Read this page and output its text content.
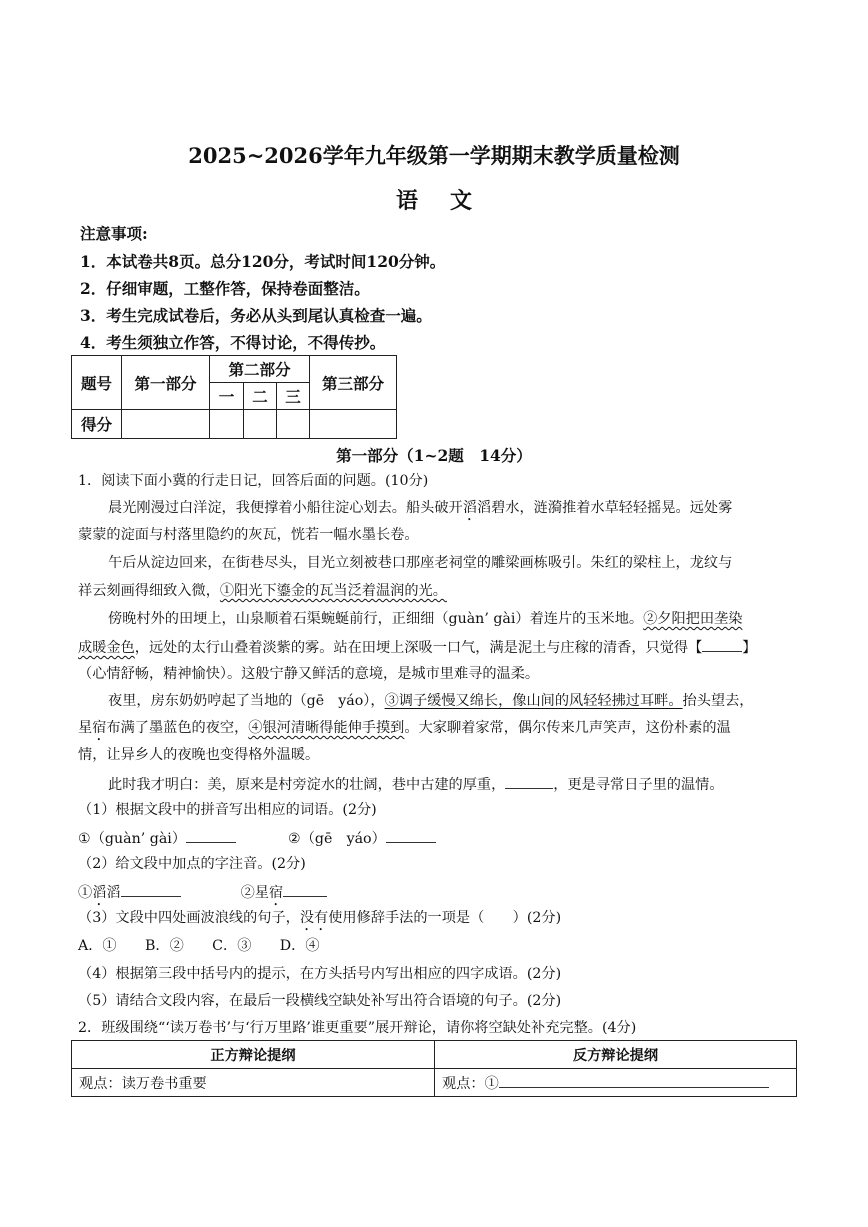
2025~2026学年九年级第一学期期末教学质量检测
语 文
注意事项:
1．本试卷共8页。总分120分，考试时间120分钟。
2．仔细审题，工整作答，保持卷面整洁。
3．考生完成试卷后，务必从头到尾认真检查一遍。
4．考生须独立作答，不得讨论，不得传抄。
题号	第一部分	第二部分			第三部分
		一	二	三	
得分					
第一部分（1~2题　14分）
1．阅读下面小冀的行走日记，回答后面的问题。(10分)
晨光刚漫过白洋淀，我便撑着小船往淀心划去。船头破开滔滔碧水，涟漪推着水草轻轻摇晃。远处雾
蒙蒙的淀面与村落里隐约的灰瓦，恍若一幅水墨长卷。
午后从淀边回来，在街巷尽头，目光立刻被巷口那座老祠堂的雕梁画栋吸引。朱红的梁柱上，龙纹与
祥云刻画得细致入微，①阳光下鎏金的瓦当泛着温润的光。
傍晚村外的田埂上，山泉顺着石渠蜿蜒前行，正细细（guàn’ gài）着连片的玉米地。②夕阳把田垄染
成暖金色，远处的太行山叠着淡紫的雾。站在田埂上深吸一口气，满是泥土与庄稼的清香，只觉得【	】
（心情舒畅，精神愉快）。这般宁静又鲜活的意境，是城市里难寻的温柔。
夜里，房东奶奶哼起了当地的（gē　yáo），③调子缓慢又绵长，像山间的风轻轻拂过耳畔。抬头望去，
星宿布满了墨蓝色的夜空，④银河清晰得能伸手摸到。大家聊着家常，偶尔传来几声笑声，这份朴素的温
情，让异乡人的夜晚也变得格外温暖。
此时我才明白：美，原来是村旁淀水的壮阔，巷中古建的厚重，	，更是寻常日子里的温情。
（1）根据文段中的拼音写出相应的词语。(2分)
①（guàn’ gài）	②（gē　yáo）
（2）给文段中加点的字注音。(2分)
①滔滔	②星宿
（3）文段中四处画波浪线的句子，没有使用修辞手法的一项是（　　）(2分)
A．①　　B．②　　C．③　　D．④
（4）根据第三段中括号内的提示，在方头括号内写出相应的四字成语。(2分)
（5）请结合文段内容，在最后一段横线空缺处补写出符合语境的句子。(2分)
2．班级围绕“‘读万卷书’与‘行万里路’谁更重要”展开辩论，请你将空缺处补充完整。(4分)
正方辩论提纲	反方辩论提纲
观点：读万卷书重要	观点：①
